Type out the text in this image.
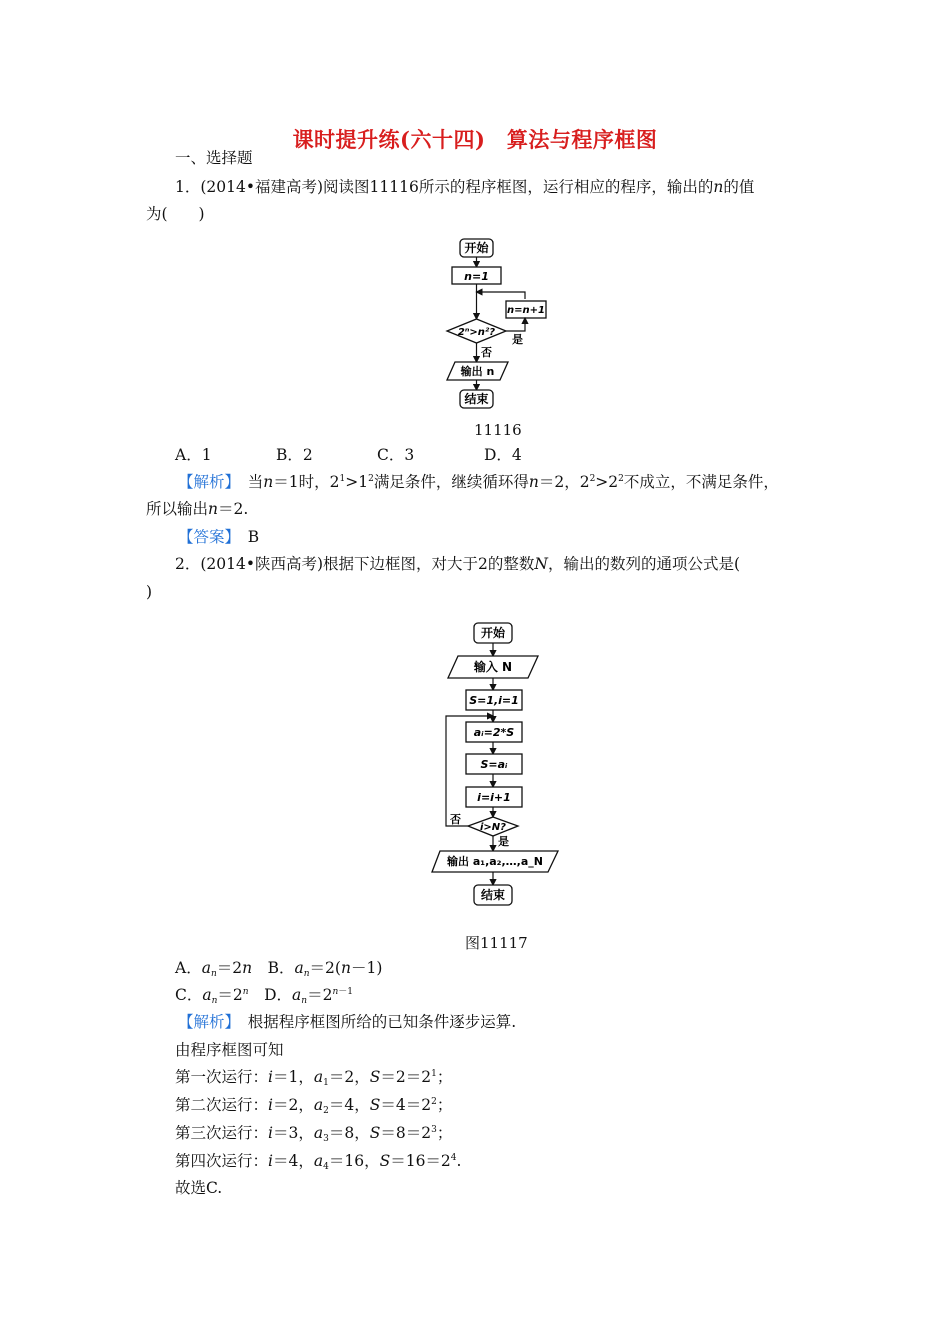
课时提升练(六十四)　算法与程序框图
一、选择题
1．(2014•福建高考)阅读图11116所示的程序框图，运行相应的程序，输出的n的值
为(　　)
开始
n=1
n=n+1
2ⁿ>n²?
是
否
输出 n
结束
11116
A．1	B．2	C．3	D．4
【解析】　当n＝1时，$2^1>1^2$满足条件，继续循环得n＝2，$2^2>2^2$不成立，不满足条件，
所以输出n＝2.
【答案】　 B
2．(2014•陕西高考)根据下边框图，对大于2的整数N，输出的数列的通项公式是(
)
开始
输入 N
S=1,i=1
aᵢ=2*S
S=aᵢ
i=i+1
i>N?
否
是
输出 a₁,a₂,…,a_N
结束
图11117
A．$a_n=2n$　B．$a_n=2(n-1)$
C．$a_n=2^n$　D．$a_n=2^{n-1}$
【解析】　 根据程序框图所给的已知条件逐步运算.
由程序框图可知
第一次运行：i＝1，$a_1=2$，$S=2=2^1$；
第二次运行：i＝2，$a_2=4$，$S=4=2^2$；
第三次运行：i＝3，$a_3=8$，$S=8=2^3$；
第四次运行：i＝4，$a_4=16$，$S=16=2^4$.
故选C.
